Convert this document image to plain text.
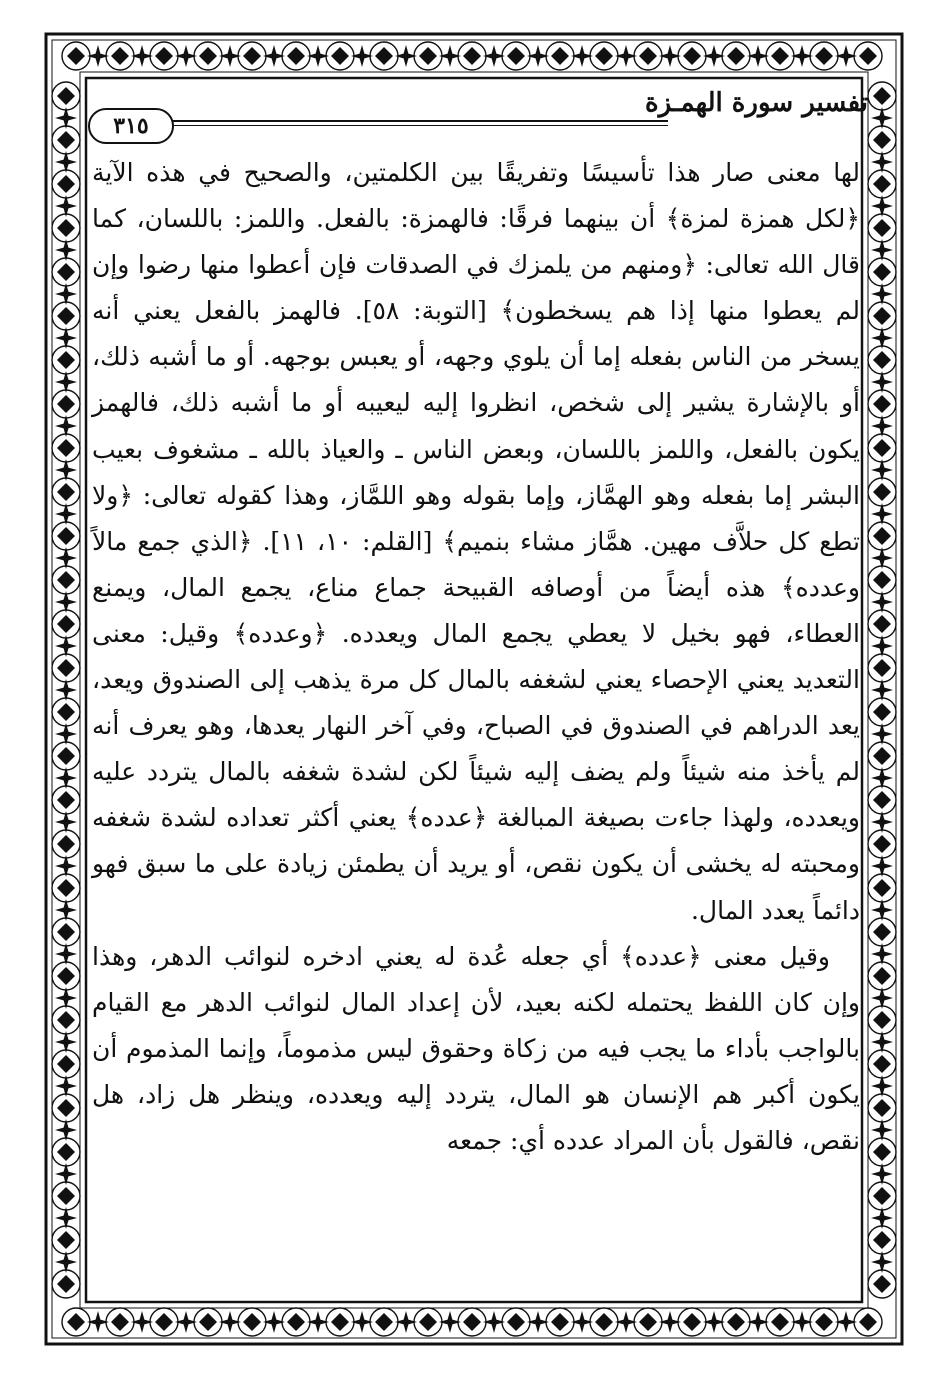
تفسير سورة الهمـزة
٣١٥

لها معنى صار هذا تأسيسًا وتفريقًا بين الكلمتين، والصحيح في هذه الآية ﴿لكل همزة لمزة﴾ أن بينهما فرقًا: فالهمزة: بالفعل. واللمز: باللسان، كما قال الله تعالى: ﴿ومنهم من يلمزك في الصدقات فإن أعطوا منها رضوا وإن لم يعطوا منها إذا هم يسخطون﴾ [التوبة: ٥٨]. فالهمز بالفعل يعني أنه يسخر من الناس بفعله إما أن يلوي وجهه، أو يعبس بوجهه. أو ما أشبه ذلك، أو بالإشارة يشير إلى شخص، انظروا إليه ليعيبه أو ما أشبه ذلك، فالهمز يكون بالفعل، واللمز باللسان، وبعض الناس ـ والعياذ بالله ـ مشغوف بعيب البشر إما بفعله وهو الهمَّاز، وإما بقوله وهو اللمَّاز، وهذا كقوله تعالى: ﴿ولا تطع كل حلاَّف مهين. همَّاز مشاء بنميم﴾ [القلم: ١٠، ١١]. ﴿الذي جمع مالاً وعدده﴾ هذه أيضاً من أوصافه القبيحة جماع مناع، يجمع المال، ويمنع العطاء، فهو بخيل لا يعطي يجمع المال ويعدده. ﴿وعدده﴾ وقيل: معنى التعديد يعني الإحصاء يعني لشغفه بالمال كل مرة يذهب إلى الصندوق ويعد، يعد الدراهم في الصندوق في الصباح، وفي آخر النهار يعدها، وهو يعرف أنه لم يأخذ منه شيئاً ولم يضف إليه شيئاً لكن لشدة شغفه بالمال يتردد عليه ويعدده، ولهذا جاءت بصيغة المبالغة ﴿عدده﴾ يعني أكثر تعداده لشدة شغفه ومحبته له يخشى أن يكون نقص، أو يريد أن يطمئن زيادة على ما سبق فهو دائماً يعدد المال.

وقيل معنى ﴿عدده﴾ أي جعله عُدة له يعني ادخره لنوائب الدهر، وهذا وإن كان اللفظ يحتمله لكنه بعيد، لأن إعداد المال لنوائب الدهر مع القيام بالواجب بأداء ما يجب فيه من زكاة وحقوق ليس مذموماً، وإنما المذموم أن يكون أكبر هم الإنسان هو المال، يتردد إليه ويعدده، وينظر هل زاد، هل نقص، فالقول بأن المراد عدده أي: جمعه
